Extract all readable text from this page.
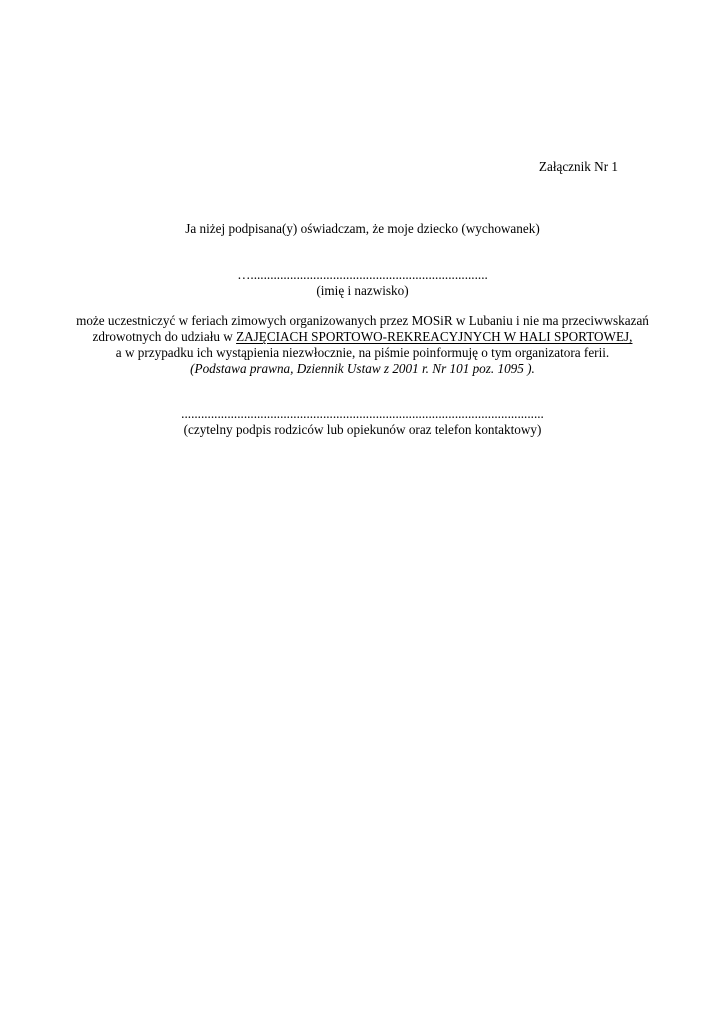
Załącznik Nr 1
Ja niżej podpisana(y) oświadczam, że moje dziecko (wychowanek)
…........................................................................
(imię i nazwisko)
może uczestniczyć w feriach zimowych organizowanych przez MOSiR w Lubaniu i nie ma przeciwwskazań
zdrowotnych do udziału w ZAJĘCIACH SPORTOWO-REKREACYJNYCH W HALI SPORTOWEJ,
a w przypadku ich wystąpienia niezwłocznie, na piśmie poinformuję o tym organizatora ferii.
(Podstawa prawna, Dziennik Ustaw z 2001 r. Nr 101 poz. 1095 ).
..............................................................................................................
(czytelny podpis rodziców lub opiekunów oraz telefon kontaktowy)
